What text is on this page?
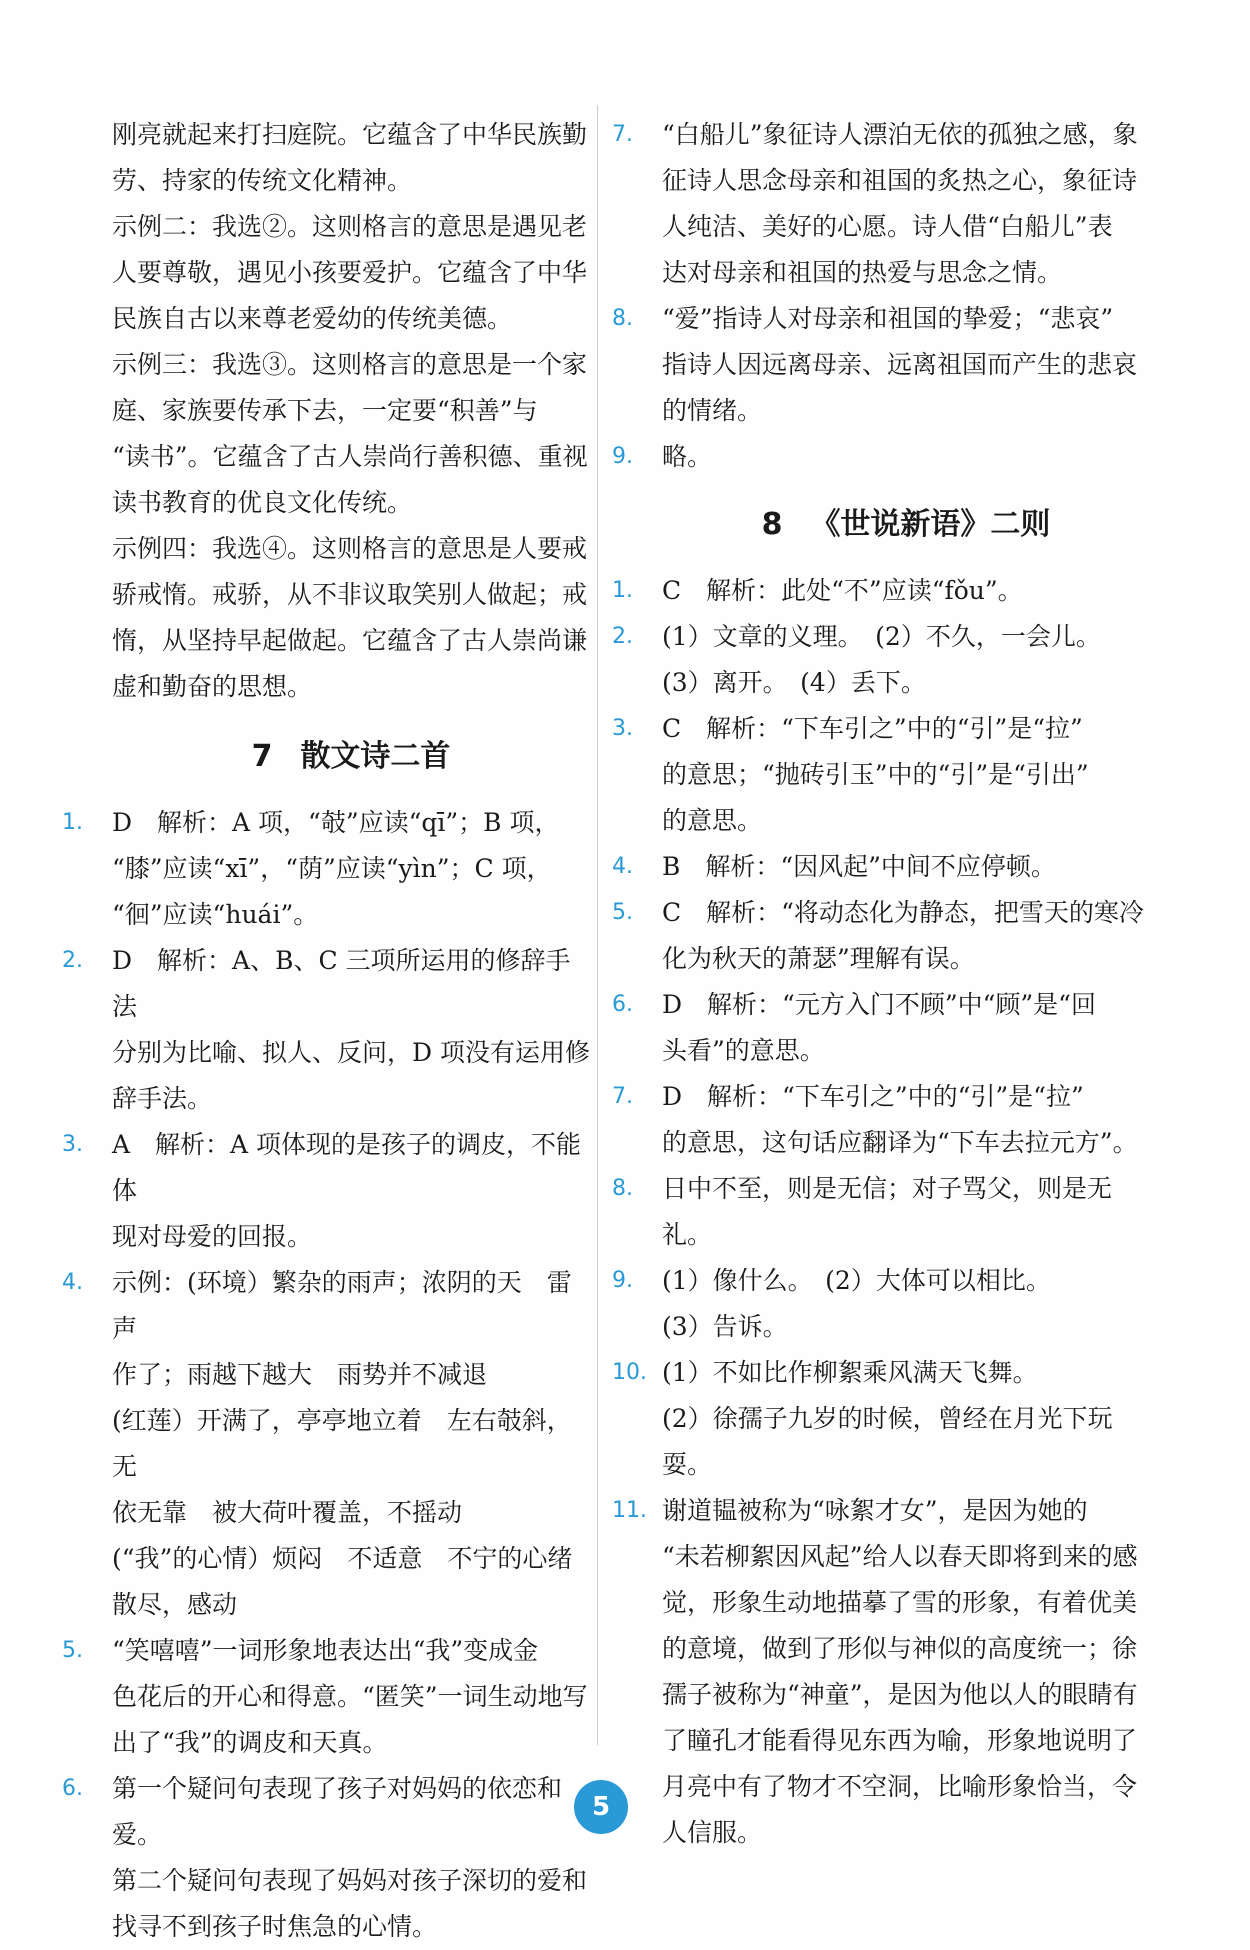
刚亮就起来打扫庭院。它蕴含了中华民族勤

劳、持家的传统文化精神。

示例二：我选②。这则格言的意思是遇见老

人要尊敬，遇见小孩要爱护。它蕴含了中华

民族自古以来尊老爱幼的传统美德。

示例三：我选③。这则格言的意思是一个家

庭、家族要传承下去，一定要“积善”与

“读书”。它蕴含了古人崇尚行善积德、重视

读书教育的优良文化传统。

示例四：我选④。这则格言的意思是人要戒

骄戒惰。戒骄，从不非议取笑别人做起；戒

惰，从坚持早起做起。它蕴含了古人崇尚谦

虚和勤奋的思想。

7 散文诗二首
1. D　解析：A 项，“攲”应读“qī”；B 项，

“膝”应读“xī”，“荫”应读“yìn”；C 项，

“徊”应读“huái”。

2. D　解析：A、B、C 三项所运用的修辞手法

分别为比喻、拟人、反问，D 项没有运用修

辞手法。

3. A　解析：A 项体现的是孩子的调皮，不能体

现对母爱的回报。

4. 示例：(环境）繁杂的雨声；浓阴的天　雷声

作了；雨越下越大　雨势并不减退

(红莲）开满了，亭亭地立着　左右攲斜，无

依无靠　被大荷叶覆盖，不摇动

(“我”的心情）烦闷　不适意　不宁的心绪

散尽，感动

5. “笑嘻嘻”一词形象地表达出“我”变成金

色花后的开心和得意。“匿笑”一词生动地写

出了“我”的调皮和天真。

6. 第一个疑问句表现了孩子对妈妈的依恋和爱。

第二个疑问句表现了妈妈对孩子深切的爱和

找寻不到孩子时焦急的心情。

7. “白船儿”象征诗人漂泊无依的孤独之感，象

征诗人思念母亲和祖国的炙热之心，象征诗

人纯洁、美好的心愿。诗人借“白船儿”表

达对母亲和祖国的热爱与思念之情。

8. “爱”指诗人对母亲和祖国的挚爱；“悲哀”

指诗人因远离母亲、远离祖国而产生的悲哀

的情绪。

9. 略。

8 《世说新语》二则
1. C　解析：此处“不”应读“fǒu”。

2. (1）文章的义理。　(2）不久，一会儿。

(3）离开。　(4）丢下。

3. C　解析：“下车引之”中的“引”是“拉”

的意思；“抛砖引玉”中的“引”是“引出”

的意思。

4. B　解析：“因风起”中间不应停顿。

5. C　解析：“将动态化为静态，把雪天的寒冷

化为秋天的萧瑟”理解有误。

6. D　解析：“元方入门不顾”中“顾”是“回

头看”的意思。

7. D　解析：“下车引之”中的“引”是“拉”

的意思，这句话应翻译为“下车去拉元方”。

8. 日中不至，则是无信；对子骂父，则是无礼。

9. (1）像什么。　(2）大体可以相比。

(3）告诉。

10. (1）不如比作柳絮乘风满天飞舞。

(2）徐孺子九岁的时候，曾经在月光下玩耍。

11. 谢道韫被称为“咏絮才女”，是因为她的

“未若柳絮因风起”给人以春天即将到来的感

觉，形象生动地描摹了雪的形象，有着优美

的意境，做到了形似与神似的高度统一；徐

孺子被称为“神童”，是因为他以人的眼睛有

了瞳孔才能看得见东西为喻，形象地说明了

月亮中有了物才不空洞，比喻形象恰当，令

人信服。

5
